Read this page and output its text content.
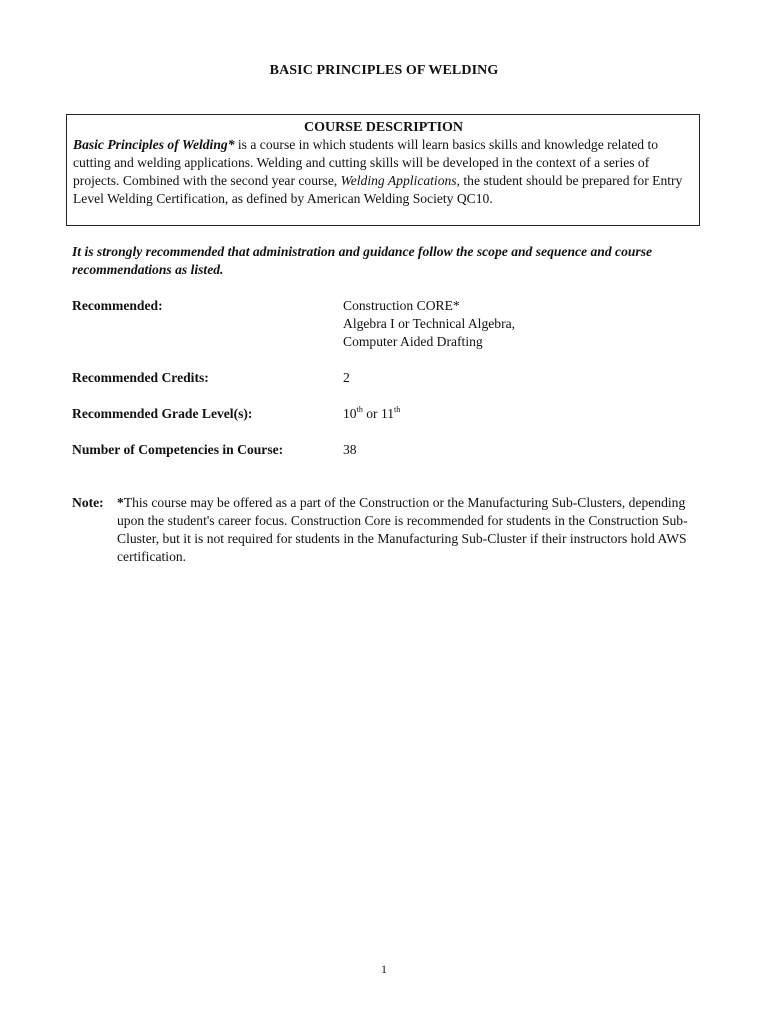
BASIC PRINCIPLES OF WELDING
COURSE DESCRIPTION
Basic Principles of Welding* is a course in which students will learn basics skills and knowledge related to cutting and welding applications. Welding and cutting skills will be developed in the context of a series of projects. Combined with the second year course, Welding Applications, the student should be prepared for Entry Level Welding Certification, as defined by American Welding Society QC10.
It is strongly recommended that administration and guidance follow the scope and sequence and course recommendations as listed.
Recommended:	Construction CORE*
Algebra I or Technical Algebra,
Computer Aided Drafting
Recommended Credits:	2
Recommended Grade Level(s):	10th or 11th
Number of Competencies in Course:	38
Note: *This course may be offered as a part of the Construction or the Manufacturing Sub-Clusters, depending upon the student's career focus. Construction Core is recommended for students in the Construction Sub-Cluster, but it is not required for students in the Manufacturing Sub-Cluster if their instructors hold AWS certification.
1
